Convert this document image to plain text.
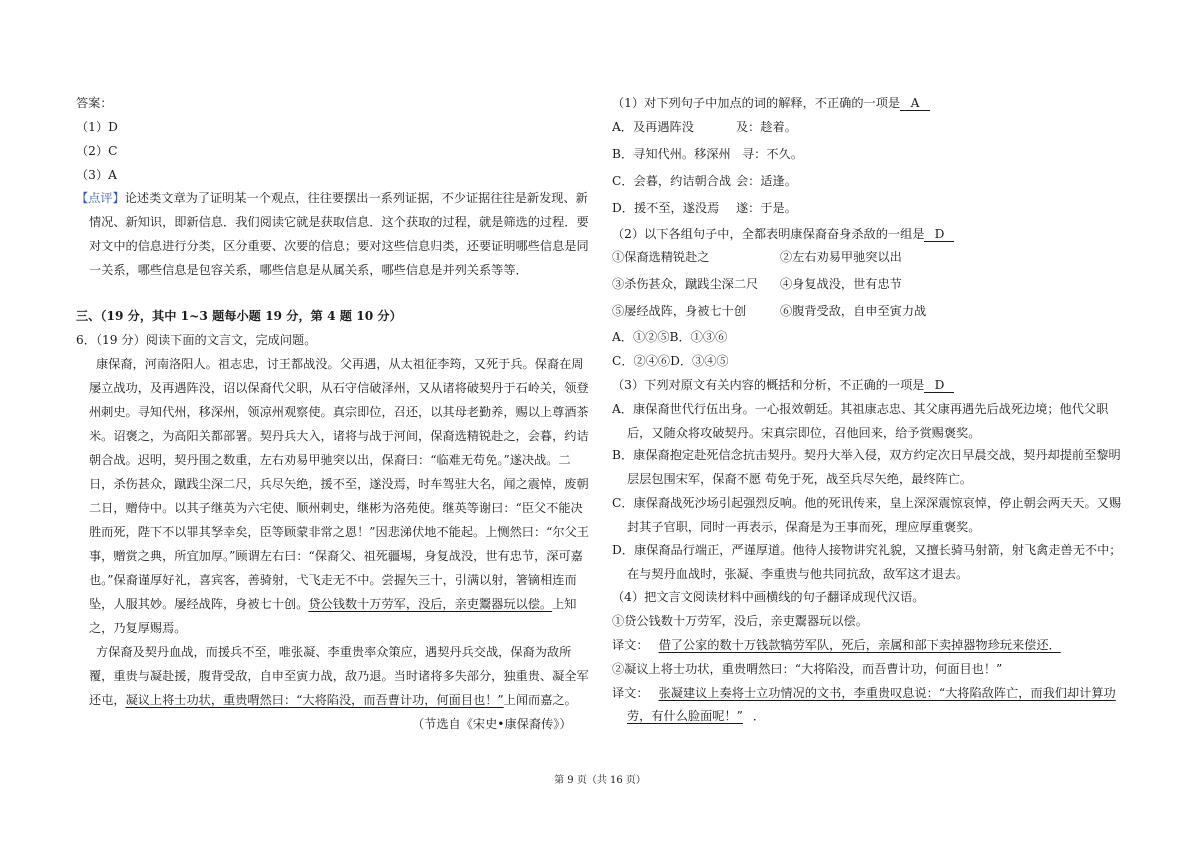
答案：
（1）D
（2）C
（3）A
【点评】论述类文章为了证明某一个观点，往往要摆出一系列证据，不少证据往往是新发现、新
情况、新知识，即新信息．我们阅读它就是获取信息．这个获取的过程，就是筛选的过程．要
对文中的信息进行分类，区分重要、次要的信息；要对这些信息归类，还要证明哪些信息是同
一关系，哪些信息是包容关系，哪些信息是从属关系，哪些信息是并列关系等等．
三、（19 分，其中 1~3 题每小题 19 分，第 4 题 10 分）
6．（19 分）阅读下面的文言文，完成问题。
康保裔，河南洛阳人。祖志忠，讨王都战没。父再遇，从太祖征李筠，又死于兵。保裔在周
屡立战功，及再遇阵没，诏以保裔代父职，从石守信破泽州，又从诸将破契丹于石岭关，领登
州刺史。寻知代州，移深州，领凉州观察使。真宗即位，召还，以其母老勤养，赐以上尊酒茶
米。诏褒之，为高阳关都部署。契丹兵大入，诸将与战于河间，保裔选精锐赴之，会暮，约诘
朝合战。迟明，契丹围之数重，左右劝易甲驰突以出，保裔曰：“临难无苟免。”遂决战。二
日，杀伤甚众，蹴践尘深二尺，兵尽矢绝，援不至，遂没焉，时车驾驻大名，闻之震悼，废朝
二日，赠侍中。以其子继英为六宅使、顺州刺史，继彬为洛苑使。继英等谢曰：“臣父不能决
胜而死，陛下不以罪其孥幸矣，臣等顾蒙非常之恩！”因悲涕伏地不能起。上恻然曰：“尔父王
事，赠赏之典，所宜加厚。”顾谓左右曰：“保裔父、祖死疆埸，身复战没，世有忠节，深可嘉
也。”保裔谨厚好礼，喜宾客，善骑射，弋飞走无不中。尝握矢三十，引满以射，箸镝相连而
坠，人服其妙。屡经战阵，身被七十创。贷公钱数十万劳军，没后，亲吏鬻器玩以偿。上知
之，乃复厚赐焉。
方保裔及契丹血战，而援兵不至，唯张凝、李重贵率众策应，遇契丹兵交战，保裔为敌所
覆，重贵与凝赴援，腹背受敌，自申至寅力战，敌乃退。当时诸将多失部分，独重贵、凝全军
还屯，凝议上将士功状，重贵喟然曰：“大将陷没，而吾曹计功，何面目也！”上闻而嘉之。
（节选自《宋史•康保裔传》）
（1）对下列句子中加点的词的解释，不正确的一项是 A
A．及再遇阵没	及：趁着。
B．寻知代州。移深州 寻：不久。
C．会暮，约诘朝合战 会：适逢。
D．援不至，遂没焉 遂：于是。
（2）以下各组句子中，全都表明康保裔奋身杀敌的一组是 D
①保裔选精锐赴之	②左右劝易甲驰突以出
③杀伤甚众，蹴践尘深二尺 ④身复战没，世有忠节
⑤屡经战阵，身被七十创	⑥腹背受敌，自申至寅力战
A．①②⑤B．①③⑥
C．②④⑥D．③④⑤
（3）下列对原文有关内容的概括和分析，不正确的一项是 D
A．康保裔世代行伍出身。一心报效朝廷。其祖康志忠、其父康再遇先后战死边境；他代父职
后，又随众将攻破契丹。宋真宗即位，召他回来，给予赏赐褒奖。
B．康保裔抱定赴死信念抗击契丹。契丹大举入侵，双方约定次日早晨交战，契丹却提前至黎明
层层包围宋军，保裔不愿 苟免于死，战至兵尽矢绝，最终阵亡。
C．康保裔战死沙场引起强烈反响。他的死讯传来，皇上深深震惊哀悼，停止朝会两天天。又赐
封其子官职，同时一再表示，保裔是为王事而死，理应厚重褒奖。
D．康保裔品行端正，严谨厚道。他待人接物讲究礼貌，又擅长骑马射箭，射飞禽走兽无不中；
在与契丹血战时，张凝、李重贵与他共同抗敌，敌军这才退去。
（4）把文言文阅读材料中画横线的句子翻译成现代汉语。
①贷公钱数十万劳军，没后，亲吏鬻器玩以偿。
译文： 借了公家的数十万钱款犒劳军队，死后，亲属和部下卖掉器物珍玩来偿还．
②凝议上将士功状，重贵喟然曰：“大将陷没，而吾曹计功，何面目也！”
译文： 张凝建议上奏将士立功情况的文书，李重贵叹息说：“大将陷敌阵亡，而我们却计算功
劳，有什么脸面呢！” ．
第 9 页（共 16 页）
